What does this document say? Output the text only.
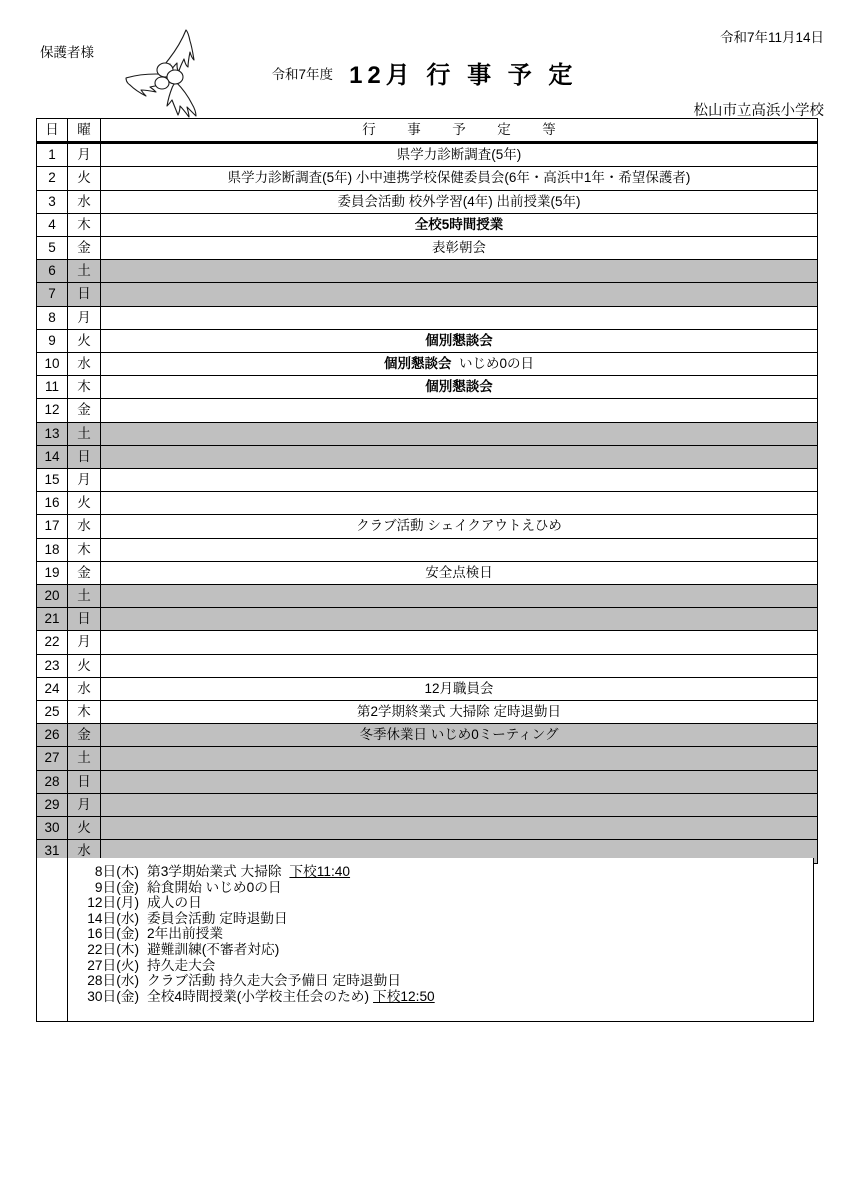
令和7年11月14日
保護者様
松山市立高浜小学校
$^{令和7年度}$ 12月 行 事 予 定
日	曜	行　事　予　定　等
1	月	県学力診断調査(5年)
2	火	県学力診断調査(5年) 小中連携学校保健委員会(6年・高浜中1年・希望保護者)
3	水	委員会活動 校外学習(4年) 出前授業(5年)
4	木	全校5時間授業
5	金	表彰朝会
6	土	
7	日	
8	月	
9	火	個別懇談会
10	水	個別懇談会 いじめ0の日
11	木	個別懇談会
12	金	
13	土	
14	日	
15	月	
16	火	
17	水	クラブ活動 シェイクアウトえひめ
18	木	
19	金	安全点検日
20	土	
21	日	
22	月	
23	火	
24	水	12月職員会
25	木	第2学期終業式 大掃除 定時退勤日
26	金	冬季休業日 いじめ0ミーティング
27	土	
28	日	
29	月	
30	火	
31	水	
8日(木) 第3学期始業式 大掃除 下校11:40
9日(金) 給食開始 いじめ0の日
12日(月) 成人の日
14日(水) 委員会活動 定時退勤日
16日(金) 2年出前授業
22日(木) 避難訓練(不審者対応)
27日(火) 持久走大会
28日(水) クラブ活動 持久走大会予備日 定時退勤日
30日(金) 全校4時間授業(小学校主任会のため) 下校12:50
